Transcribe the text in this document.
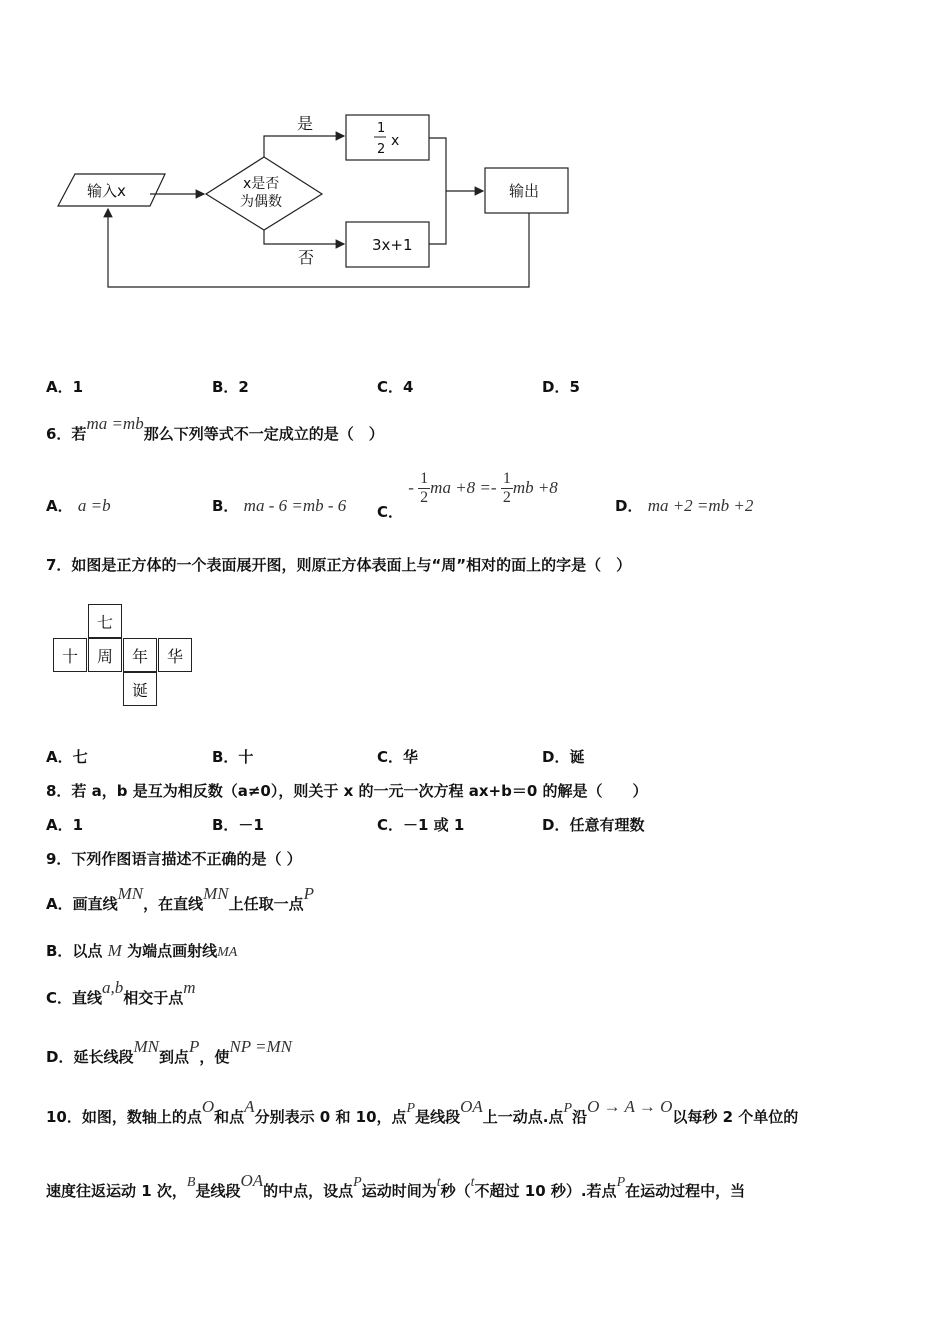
输入x	x是否
为偶数
是
否
1
2
x
3x+1
输出
A．1	B．2	C．4	D．5
6．若ma =mb那么下列等式不一定成立的是（　）
A． a =b	B． ma - 6 =mb - 6 C． - $\frac{1}{2}$ ma $+8 =- \frac{1}{2}$ mb +8
D． ma +2 =mb +2
7．如图是正方体的一个表面展开图，则原正方体表面上与“周”相对的面上的字是（　）
七
十	周	年	华
诞
A．七	B．十	C．华	D．诞
8．若 a，b 是互为相反数（a≠0），则关于 x 的一元一次方程 ax+b＝0 的解是（　　）
A．1	B．－1	C．－1 或 1	D．任意有理数
9．下列作图语言描述不正确的是（ ）
A．画直线MN，在直线MN上任取一点P
B．以点 M 为端点画射线MA
C．直线a,b相交于点m
D．延长线段MN到点P，使NP =MN
10．如图，数轴上的点O和点A分别表示 0 和 10，点P是线段OA上一动点.点P沿O → A → O以每秒 2 个单位的
速度往返运动 1 次，B是线段OA的中点，设点P运动时间为t秒（t不超过 10 秒）.若点P在运动过程中，当
